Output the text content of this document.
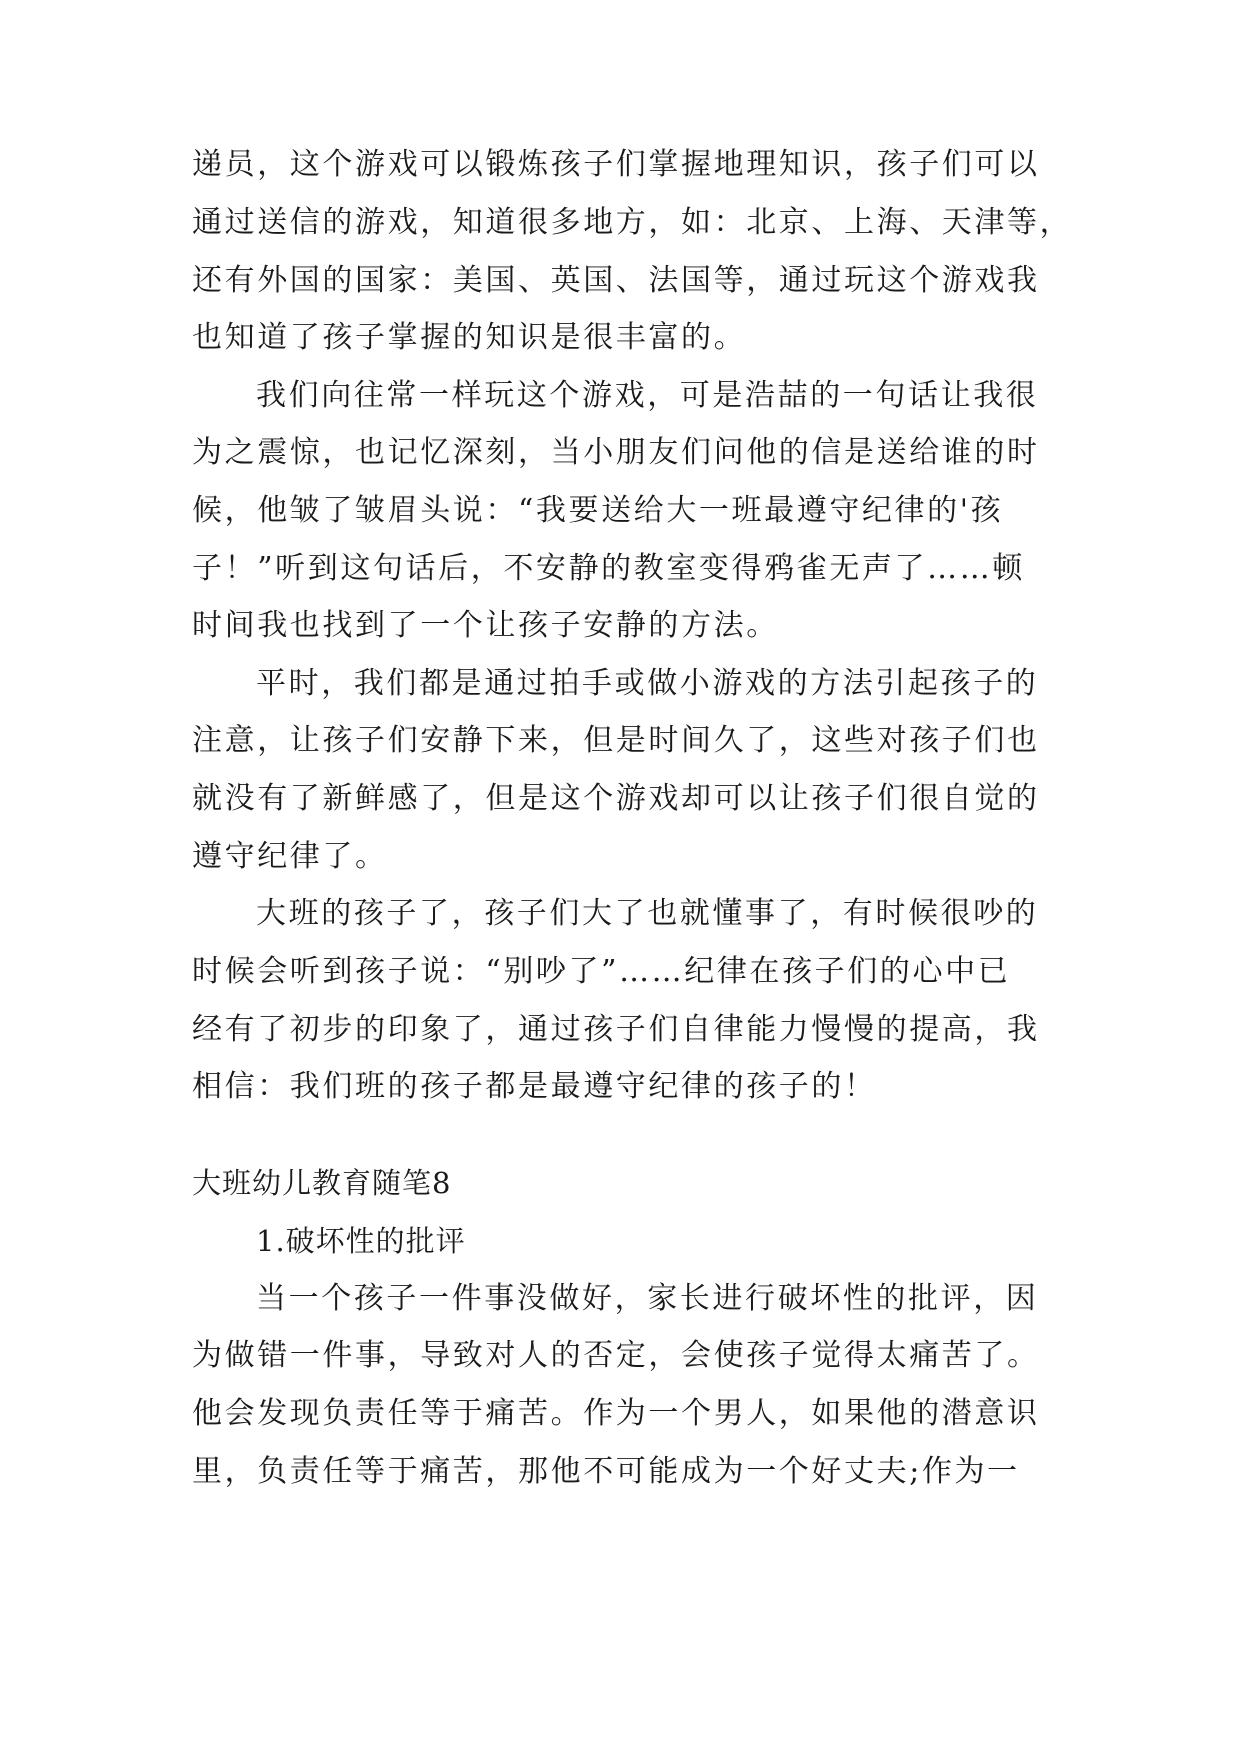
递员，这个游戏可以锻炼孩子们掌握地理知识，孩子们可以
通过送信的游戏，知道很多地方，如：北京、上海、天津等，
还有外国的国家：美国、英国、法国等，通过玩这个游戏我
也知道了孩子掌握的知识是很丰富的。
我们向往常一样玩这个游戏，可是浩喆的一句话让我很
为之震惊，也记忆深刻，当小朋友们问他的信是送给谁的时
候，他皱了皱眉头说：“我要送给大一班最遵守纪律的'孩
子！”听到这句话后，不安静的教室变得鸦雀无声了……顿
时间我也找到了一个让孩子安静的方法。
平时，我们都是通过拍手或做小游戏的方法引起孩子的
注意，让孩子们安静下来，但是时间久了，这些对孩子们也
就没有了新鲜感了，但是这个游戏却可以让孩子们很自觉的
遵守纪律了。
大班的孩子了，孩子们大了也就懂事了，有时候很吵的
时候会听到孩子说：“别吵了”……纪律在孩子们的心中已
经有了初步的印象了，通过孩子们自律能力慢慢的提高，我
相信：我们班的孩子都是最遵守纪律的孩子的！
大班幼儿教育随笔8
1.破坏性的批评
当一个孩子一件事没做好，家长进行破坏性的批评，因
为做错一件事，导致对人的否定，会使孩子觉得太痛苦了。
他会发现负责任等于痛苦。作为一个男人，如果他的潜意识
里，负责任等于痛苦，那他不可能成为一个好丈夫;作为一
